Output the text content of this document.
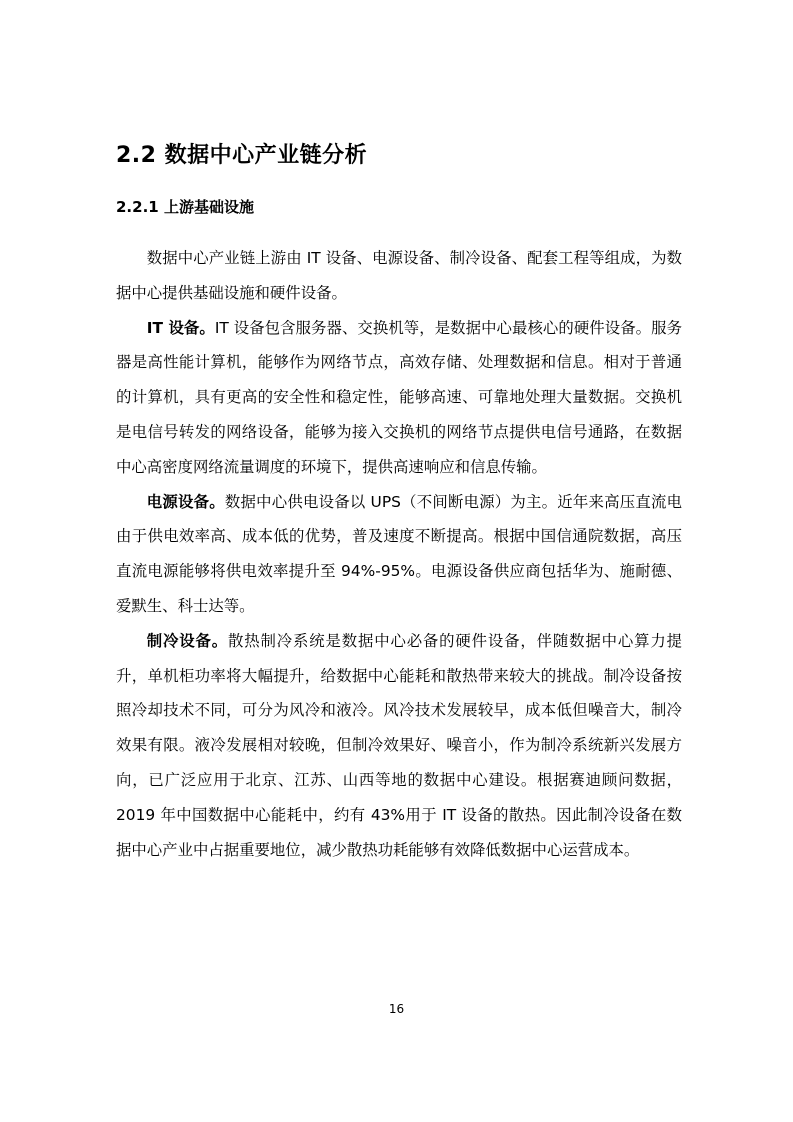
2.2 数据中心产业链分析
2.2.1 上游基础设施

数据中心产业链上游由 IT 设备、电源设备、制冷设备、配套工程等组成，为数据中心提供基础设施和硬件设备。

IT 设备。IT 设备包含服务器、交换机等，是数据中心最核心的硬件设备。服务器是高性能计算机，能够作为网络节点，高效存储、处理数据和信息。相对于普通的计算机，具有更高的安全性和稳定性，能够高速、可靠地处理大量数据。交换机是电信号转发的网络设备，能够为接入交换机的网络节点提供电信号通路，在数据中心高密度网络流量调度的环境下，提供高速响应和信息传输。

电源设备。数据中心供电设备以 UPS（不间断电源）为主。近年来高压直流电由于供电效率高、成本低的优势，普及速度不断提高。根据中国信通院数据，高压直流电源能够将供电效率提升至 94%-95%。电源设备供应商包括华为、施耐德、爱默生、科士达等。

制冷设备。散热制冷系统是数据中心必备的硬件设备，伴随数据中心算力提升，单机柜功率将大幅提升，给数据中心能耗和散热带来较大的挑战。制冷设备按照冷却技术不同，可分为风冷和液冷。风冷技术发展较早，成本低但噪音大，制冷效果有限。液冷发展相对较晚，但制冷效果好、噪音小，作为制冷系统新兴发展方向，已广泛应用于北京、江苏、山西等地的数据中心建设。根据赛迪顾问数据，2019 年中国数据中心能耗中，约有 43%用于 IT 设备的散热。因此制冷设备在数据中心产业中占据重要地位，减少散热功耗能够有效降低数据中心运营成本。

16
